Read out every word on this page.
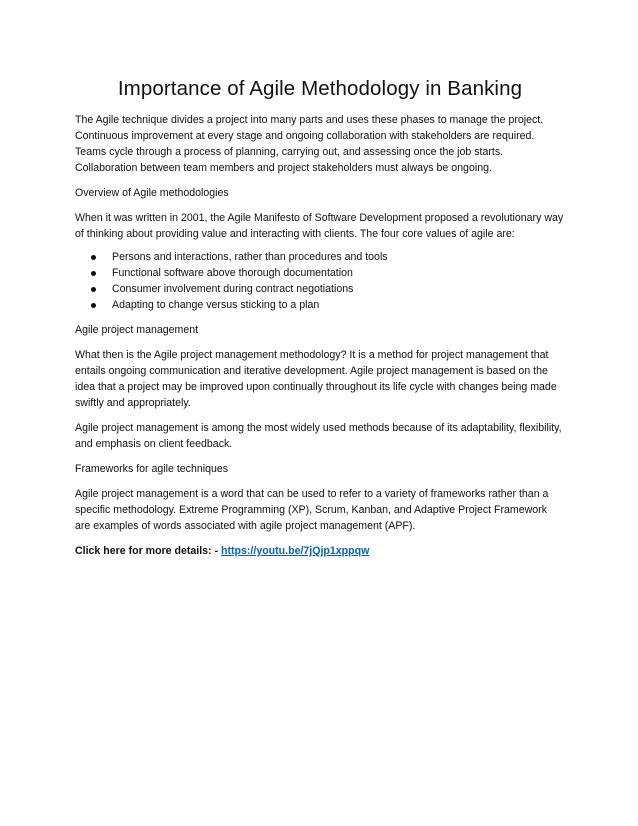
Importance of Agile Methodology in Banking

The Agile technique divides a project into many parts and uses these phases to manage the project. Continuous improvement at every stage and ongoing collaboration with stakeholders are required. Teams cycle through a process of planning, carrying out, and assessing once the job starts. Collaboration between team members and project stakeholders must always be ongoing.

Overview of Agile methodologies

When it was written in 2001, the Agile Manifesto of Software Development proposed a revolutionary way of thinking about providing value and interacting with clients. The four core values of agile are:

Persons and interactions, rather than procedures and tools
Functional software above thorough documentation
Consumer involvement during contract negotiations
Adapting to change versus sticking to a plan

Agile project management

What then is the Agile project management methodology? It is a method for project management that entails ongoing communication and iterative development. Agile project management is based on the idea that a project may be improved upon continually throughout its life cycle with changes being made swiftly and appropriately.

Agile project management is among the most widely used methods because of its adaptability, flexibility, and emphasis on client feedback.

Frameworks for agile techniques

Agile project management is a word that can be used to refer to a variety of frameworks rather than a specific methodology. Extreme Programming (XP), Scrum, Kanban, and Adaptive Project Framework are examples of words associated with agile project management (APF).

Click here for more details: - https://youtu.be/7jQjp1xppqw
